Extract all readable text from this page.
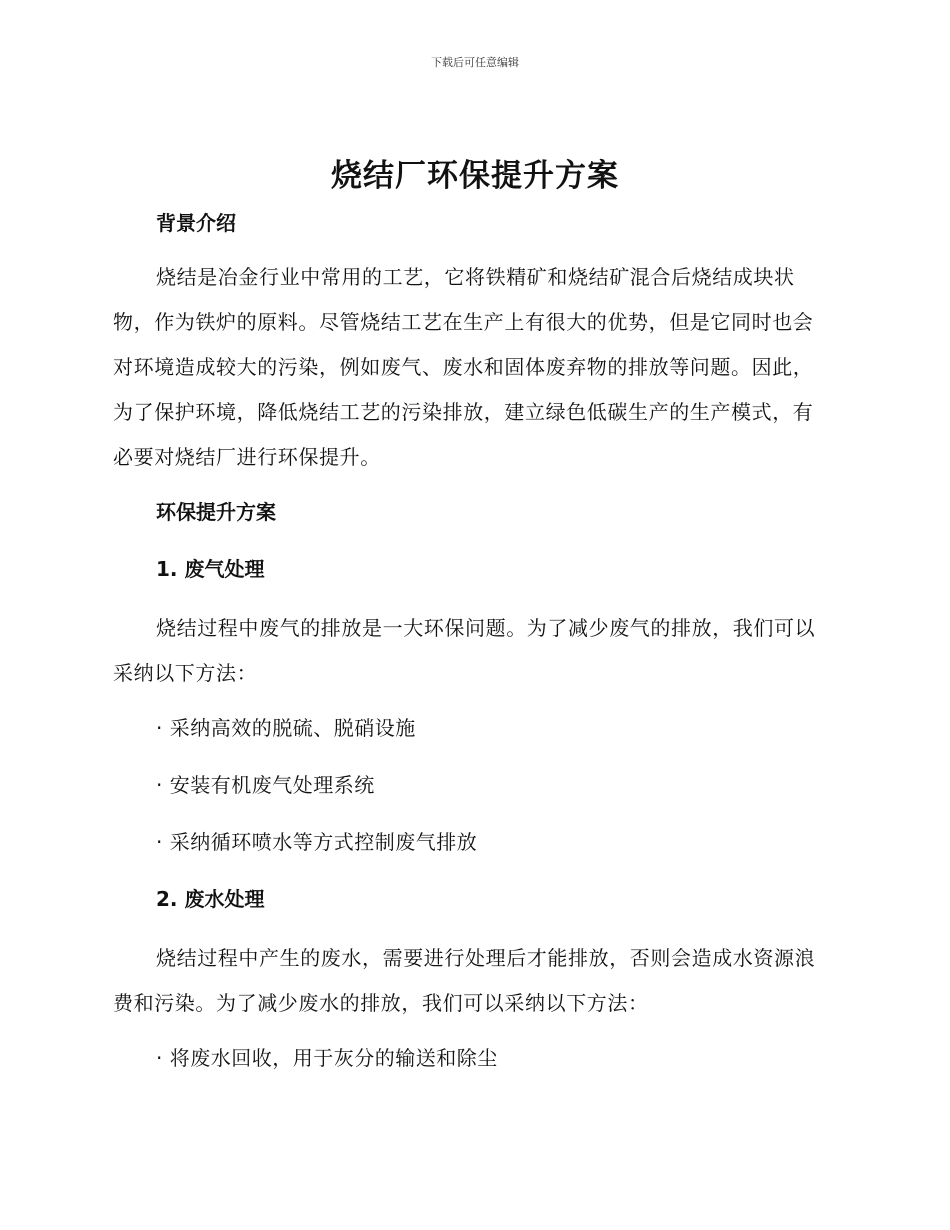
下载后可任意编辑
烧结厂环保提升方案
背景介绍
烧结是冶金行业中常用的工艺，它将铁精矿和烧结矿混合后烧结成块状物，作为铁炉的原料。尽管烧结工艺在生产上有很大的优势，但是它同时也会对环境造成较大的污染，例如废气、废水和固体废弃物的排放等问题。因此，为了保护环境，降低烧结工艺的污染排放，建立绿色低碳生产的生产模式，有必要对烧结厂进行环保提升。
环保提升方案
1. 废气处理
烧结过程中废气的排放是一大环保问题。为了减少废气的排放，我们可以采纳以下方法：
· 采纳高效的脱硫、脱硝设施
· 安装有机废气处理系统
· 采纳循环喷水等方式控制废气排放
2. 废水处理
烧结过程中产生的废水，需要进行处理后才能排放，否则会造成水资源浪费和污染。为了减少废水的排放，我们可以采纳以下方法：
· 将废水回收，用于灰分的输送和除尘
